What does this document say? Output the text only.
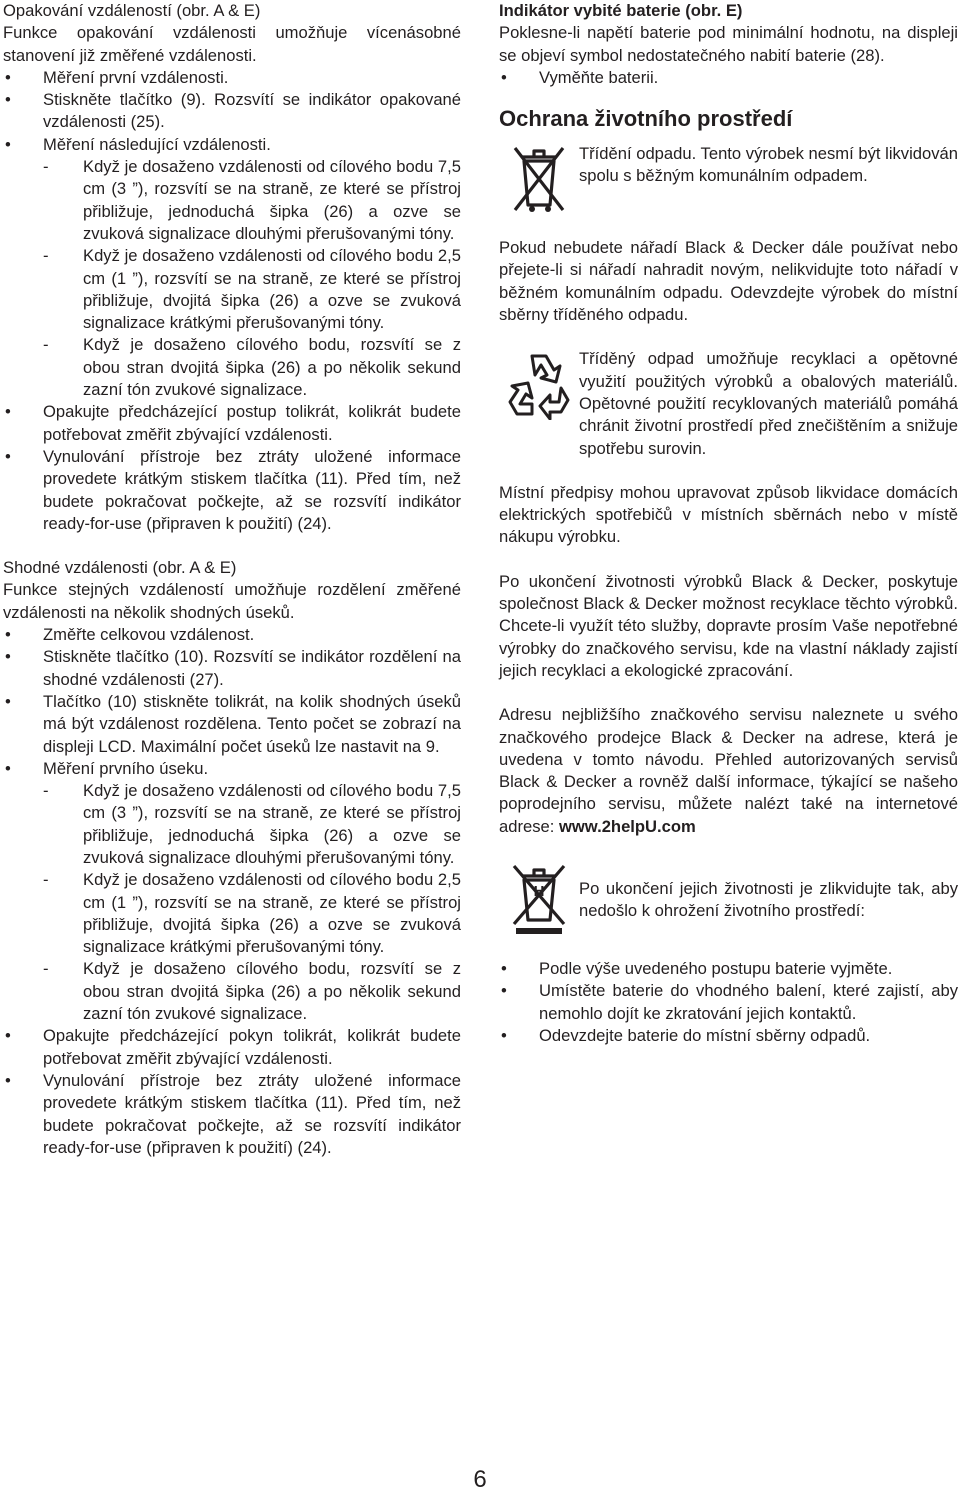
Opakování vzdáleností (obr. A & E)

Funkce opakování vzdálenosti umožňuje vícenásobné stanovení již změřené vzdálenosti.

• Měření první vzdálenosti.
• Stiskněte tlačítko (9). Rozsvítí se indikátor opakované vzdálenosti (25).
• Měření následující vzdálenosti.
- Když je dosaženo vzdálenosti od cílového bodu 7,5 cm (3 ”), rozsvítí se na straně, ze které se přístroj přibližuje, jednoduchá šipka (26) a ozve se zvuková signalizace dlouhými přerušovanými tóny.
- Když je dosaženo vzdálenosti od cílového bodu 2,5 cm (1 ”), rozsvítí se na straně, ze které se přístroj přibližuje, dvojitá šipka (26) a ozve se zvuková signalizace krátkými přerušovanými tóny.
- Když je dosaženo cílového bodu, rozsvítí se z obou stran dvojitá šipka (26) a po několik sekund zazní tón zvukové signalizace.
• Opakujte předcházející postup tolikrát, kolikrát budete potřebovat změřit zbývající vzdálenosti.
• Vynulování přístroje bez ztráty uložené informace provedete krátkým stiskem tlačítka (11). Před tím, než budete pokračovat počkejte, až se rozsvítí indikátor ready-for-use (připraven k použití) (24).

Shodné vzdálenosti (obr. A & E)

Funkce stejných vzdáleností umožňuje rozdělení změřené vzdálenosti na několik shodných úseků.

• Změřte celkovou vzdálenost.
• Stiskněte tlačítko (10). Rozsvítí se indikátor rozdělení na shodné vzdálenosti (27).
• Tlačítko (10) stiskněte tolikrát, na kolik shodných úseků má být vzdálenost rozdělena. Tento počet se zobrazí na displeji LCD. Maximální počet úseků lze nastavit na 9.
• Měření prvního úseku.
- Když je dosaženo vzdálenosti od cílového bodu 7,5 cm (3 ”), rozsvítí se na straně, ze které se přístroj přibližuje, jednoduchá šipka (26) a ozve se zvuková signalizace dlouhými přerušovanými tóny.
- Když je dosaženo vzdálenosti od cílového bodu 2,5 cm (1 ”), rozsvítí se na straně, ze které se přístroj přibližuje, dvojitá šipka (26) a ozve se zvuková signalizace krátkými přerušovanými tóny.
- Když je dosaženo cílového bodu, rozsvítí se z obou stran dvojitá šipka (26) a po několik sekund zazní tón zvukové signalizace.
• Opakujte předcházející pokyn tolikrát, kolikrát budete potřebovat změřit zbývající vzdálenosti.
• Vynulování přístroje bez ztráty uložené informace provedete krátkým stiskem tlačítka (11). Před tím, než budete pokračovat počkejte, až se rozsvítí indikátor ready-for-use (připraven k použití) (24).

Indikátor vybité baterie (obr. E)

Poklesne-li napětí baterie pod minimální hodnotu, na displeji se objeví symbol nedostatečného nabití baterie (28).

• Vyměňte baterii.
Ochrana životního prostředí
Třídění odpadu. Tento výrobek nesmí být likvidován spolu s běžným komunálním odpadem.

Pokud nebudete nářadí Black & Decker dále používat nebo přejete-li si nářadí nahradit novým, nelikvidujte toto nářadí v běžném komunálním odpadu. Odevzdejte výrobek do místní sběrny tříděného odpadu.

Tříděný odpad umožňuje recyklaci a opětovné využití použitých výrobků a obalových materiálů. Opětovné použití recyklovaných materiálů pomáhá chránit životní prostředí před znečištěním a snižuje spotřebu surovin.

Místní předpisy mohou upravovat způsob likvidace domácích elektrických spotřebičů v místních sběrnách nebo v místě nákupu výrobku.

Po ukončení životnosti výrobků Black & Decker, poskytuje společnost Black & Decker možnost recyklace těchto výrobků. Chcete-li využít této služby, dopravte prosím Vaše nepotřebné výrobky do značkového servisu, kde na vlastní náklady zajistí jejich recyklaci a ekologické zpracování.

Adresu nejbližšího značkového servisu naleznete u svého značkového prodejce Black & Decker na adrese, která je uvedena v tomto návodu. Přehled autorizovaných servisů Black & Decker a rovněž další informace, týkající se našeho poprodejního servisu, můžete nalézt také na internetové adrese: www.2helpU.com

H Po ukončení jejich životnosti je zlikvidujte tak, aby nedošlo k ohrožení životního prostředí:
• Podle výše uvedeného postupu baterie vyjměte.
• Umístěte baterie do vhodného balení, které zajistí, aby nemohlo dojít ke zkratování jejich kontaktů.
• Odevzdejte baterie do místní sběrny odpadů.
6
